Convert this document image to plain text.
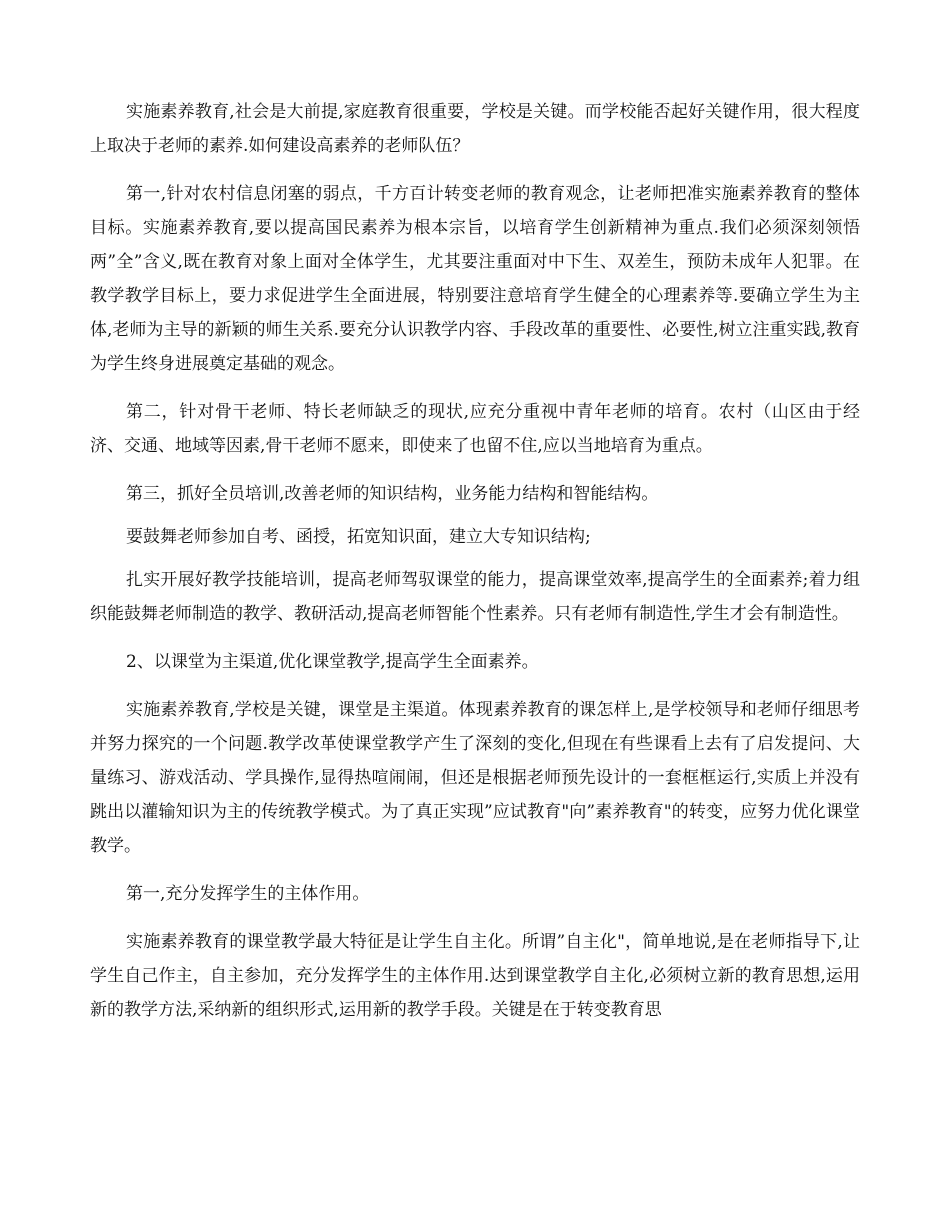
实施素养教育,社会是大前提,家庭教育很重要，学校是关键。而学校能否起好关键作用，很大程度上取决于老师的素养.如何建设高素养的老师队伍？

第一,针对农村信息闭塞的弱点，千方百计转变老师的教育观念，让老师把准实施素养教育的整体目标。实施素养教育,要以提高国民素养为根本宗旨，以培育学生创新精神为重点.我们必须深刻领悟两”全”含义,既在教育对象上面对全体学生，尤其要注重面对中下生、双差生，预防未成年人犯罪。在教学教学目标上，要力求促进学生全面进展，特别要注意培育学生健全的心理素养等.要确立学生为主体,老师为主导的新颖的师生关系.要充分认识教学内容、手段改革的重要性、必要性,树立注重实践,教育为学生终身进展奠定基础的观念。

第二，针对骨干老师、特长老师缺乏的现状,应充分重视中青年老师的培育。农村（山区由于经济、交通、地域等因素,骨干老师不愿来，即使来了也留不住,应以当地培育为重点。

第三，抓好全员培训,改善老师的知识结构，业务能力结构和智能结构。

要鼓舞老师参加自考、函授，拓宽知识面，建立大专知识结构;

扎实开展好教学技能培训，提高老师驾驭课堂的能力，提高课堂效率,提高学生的全面素养;着力组织能鼓舞老师制造的教学、教研活动,提高老师智能个性素养。只有老师有制造性,学生才会有制造性。

2、以课堂为主渠道,优化课堂教学,提高学生全面素养。

实施素养教育,学校是关键，课堂是主渠道。体现素养教育的课怎样上,是学校领导和老师仔细思考并努力探究的一个问题.教学改革使课堂教学产生了深刻的变化,但现在有些课看上去有了启发提问、大量练习、游戏活动、学具操作,显得热喧闹闹，但还是根据老师预先设计的一套框框运行,实质上并没有跳出以灌输知识为主的传统教学模式。为了真正实现”应试教育"向”素养教育"的转变，应努力优化课堂教学。

第一,充分发挥学生的主体作用。

实施素养教育的课堂教学最大特征是让学生自主化。所谓”自主化"，简单地说,是在老师指导下,让学生自己作主，自主参加，充分发挥学生的主体作用.达到课堂教学自主化,必须树立新的教育思想,运用新的教学方法,采纳新的组织形式,运用新的教学手段。关键是在于转变教育思
